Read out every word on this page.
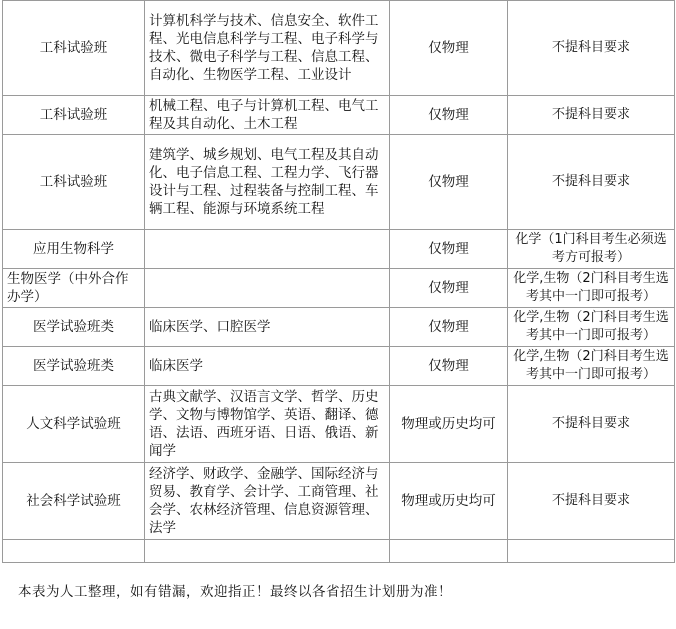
工科试验班	计算机科学与技术、信息安全、软件工程、光电信息科学与工程、电子科学与技术、微电子科学与工程、信息工程、自动化、生物医学工程、工业设计	仅物理	不提科目要求
工科试验班	机械工程、电子与计算机工程、电气工程及其自动化、土木工程	仅物理	不提科目要求
工科试验班	建筑学、城乡规划、电气工程及其自动化、电子信息工程、工程力学、飞行器设计与工程、过程装备与控制工程、车辆工程、能源与环境系统工程	仅物理	不提科目要求
应用生物科学		仅物理	化学（1门科目考生必须选考方可报考）
生物医学（中外合作办学）		仅物理	化学,生物（2门科目考生选考其中一门即可报考）
医学试验班类	临床医学、口腔医学	仅物理	化学,生物（2门科目考生选考其中一门即可报考）
医学试验班类	临床医学	仅物理	化学,生物（2门科目考生选考其中一门即可报考）
人文科学试验班	古典文献学、汉语言文学、哲学、历史学、文物与博物馆学、英语、翻译、德语、法语、西班牙语、日语、俄语、新闻学	物理或历史均可	不提科目要求
社会科学试验班	经济学、财政学、金融学、国际经济与贸易、教育学、会计学、工商管理、社会学、农林经济管理、信息资源管理、法学	物理或历史均可	不提科目要求

本表为人工整理，如有错漏，欢迎指正！最终以各省招生计划册为准！
